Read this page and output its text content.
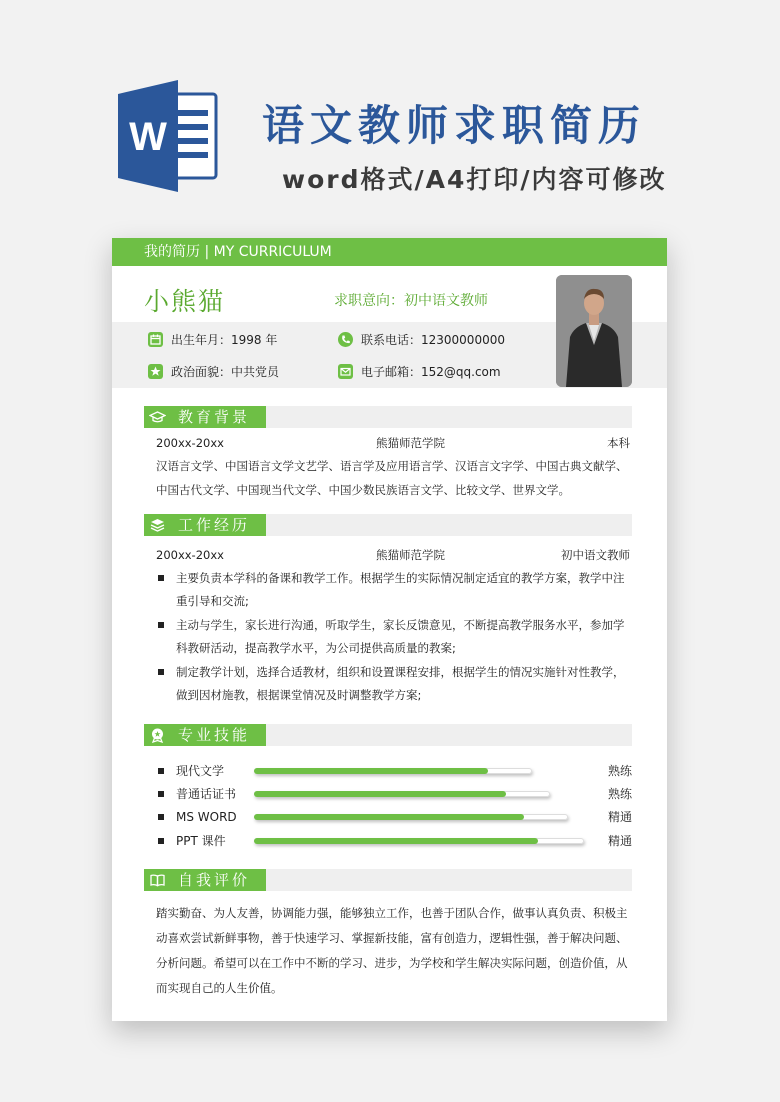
W 语文教师求职简历
word格式/A4打印/内容可修改
我的简历 | MY CURRICULUM
小熊猫	求职意向：初中语文教师
出生年月：1998 年	联系电话：12300000000
政治面貌：中共党员	电子邮箱：152@qq.com
教育背景
200xx-20xx	熊猫师范学院	本科
汉语言文学、中国语言文学文艺学、语言学及应用语言学、汉语言文字学、中国古典文献学、中国古代文学、中国现当代文学、中国少数民族语言文学、比较文学、世界文学。
工作经历
200xx-20xx	熊猫师范学院	初中语文教师
主要负责本学科的备课和教学工作。根据学生的实际情况制定适宜的教学方案，教学中注重引导和交流;
主动与学生，家长进行沟通，听取学生，家长反馈意见，不断提高教学服务水平，参加学科教研活动，提高教学水平，为公司提供高质量的教案;
制定教学计划，选择合适教材，组织和设置课程安排，根据学生的情况实施针对性教学，做到因材施教，根据课堂情况及时调整教学方案;
专业技能
现代文学	熟练
普通话证书	熟练
MS WORD	精通
PPT 课件	精通
自我评价
踏实勤奋、为人友善，协调能力强，能够独立工作，也善于团队合作，做事认真负责、积极主动喜欢尝试新鲜事物，善于快速学习、掌握新技能，富有创造力，逻辑性强，善于解决问题、分析问题。希望可以在工作中不断的学习、进步，为学校和学生解决实际问题，创造价值，从而实现自己的人生价值。
